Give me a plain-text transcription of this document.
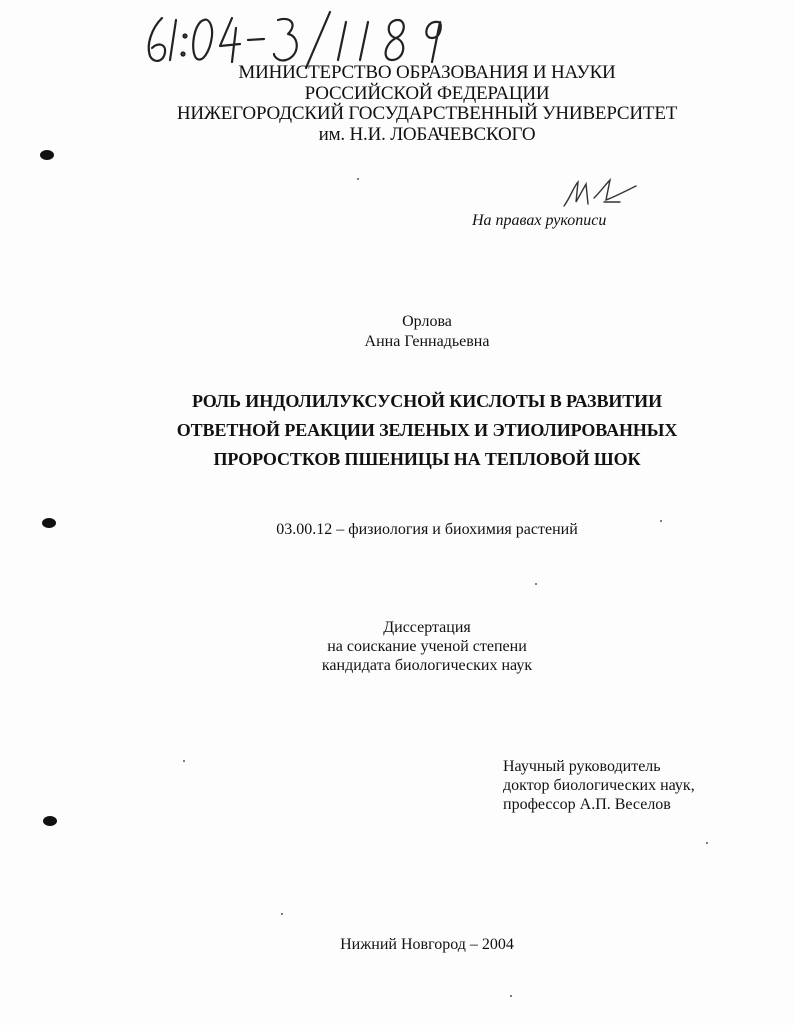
МИНИСТЕРСТВО ОБРАЗОВАНИЯ И НАУКИ
РОССИЙСКОЙ ФЕДЕРАЦИИ
НИЖЕГОРОДСКИЙ ГОСУДАРСТВЕННЫЙ УНИВЕРСИТЕТ
им. Н.И. ЛОБАЧЕВСКОГО
На правах рукописи
Орлова
Анна Геннадьевна
РОЛЬ ИНДОЛИЛУКСУСНОЙ КИСЛОТЫ В РАЗВИТИИ
ОТВЕТНОЙ РЕАКЦИИ ЗЕЛЕНЫХ И ЭТИОЛИРОВАННЫХ
ПРОРОСТКОВ ПШЕНИЦЫ НА ТЕПЛОВОЙ ШОК
03.00.12 – физиология и биохимия растений
Диссертация
на соискание ученой степени
кандидата биологических наук
Научный руководитель
доктор биологических наук,
профессор А.П. Веселов
Нижний Новгород – 2004
